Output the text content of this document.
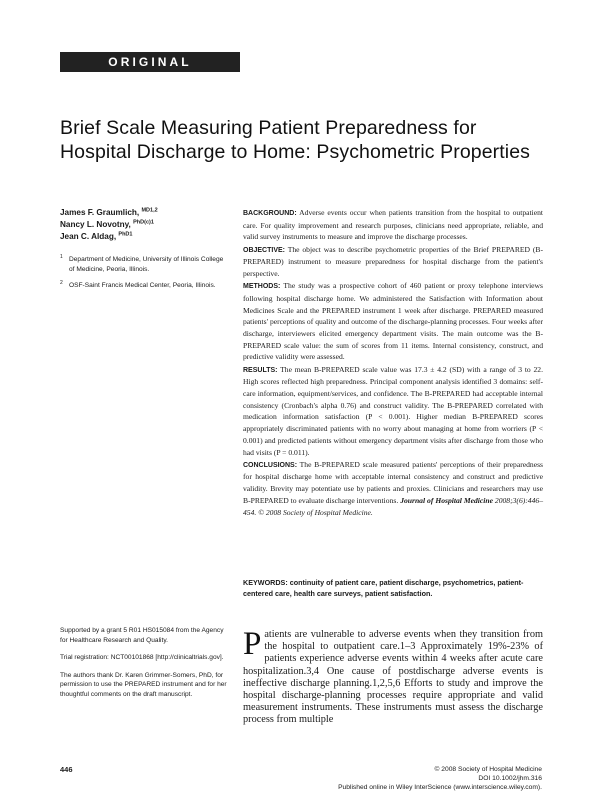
ORIGINAL RESEARCH
Brief Scale Measuring Patient Preparedness for
Hospital Discharge to Home: Psychometric Properties
James F. Graumlich, $^{MD1,2}$
Nancy L. Novotny, $^{PhD(c)1}$
Jean C. Aldag, $^{PhD1}$

1 Department of Medicine, University of Illinois College of Medicine, Peoria, Illinois.

2 OSF-Saint Francis Medical Center, Peoria, Illinois.

BACKGROUND: Adverse events occur when patients transition from the hospital to outpatient care. For quality improvement and research purposes, clinicians need appropriate, reliable, and valid survey instruments to measure and improve the discharge processes.

OBJECTIVE: The object was to describe psychometric properties of the Brief PREPARED (B-PREPARED) instrument to measure preparedness for hospital discharge from the patient's perspective.

METHODS: The study was a prospective cohort of 460 patient or proxy telephone interviews following hospital discharge home. We administered the Satisfaction with Information about Medicines Scale and the PREPARED instrument 1 week after discharge. PREPARED measured patients' perceptions of quality and outcome of the discharge-planning processes. Four weeks after discharge, interviewers elicited emergency department visits. The main outcome was the B-PREPARED scale value: the sum of scores from 11 items. Internal consistency, construct, and predictive validity were assessed.

RESULTS: The mean B-PREPARED scale value was 17.3 ± 4.2 (SD) with a range of 3 to 22. High scores reflected high preparedness. Principal component analysis identified 3 domains: self-care information, equipment/services, and confidence. The B-PREPARED had acceptable internal consistency (Cronbach's alpha 0.76) and construct validity. The B-PREPARED correlated with medication information satisfaction (P < 0.001). Higher median B-PREPARED scores appropriately discriminated patients with no worry about managing at home from worriers (P < 0.001) and predicted patients without emergency department visits after discharge from those who had visits (P = 0.011).

CONCLUSIONS: The B-PREPARED scale measured patients' perceptions of their preparedness for hospital discharge home with acceptable internal consistency and construct and predictive validity. Brevity may potentiate use by patients and proxies. Clinicians and researchers may use B-PREPARED to evaluate discharge interventions. Journal of Hospital Medicine 2008;3(6):446–454. © 2008 Society of Hospital Medicine.

KEYWORDS: continuity of patient care, patient discharge, psychometrics, patient-centered care, health care surveys, patient satisfaction.

Supported by a grant 5 R01 HS015084 from the Agency for Healthcare Research and Quality.

Trial registration: NCT00101868 [http://clinicaltrials.gov].

The authors thank Dr. Karen Grimmer-Somers, PhD, for permission to use the PREPARED instrument and for her thoughtful comments on the draft manuscript.

P atients are vulnerable to adverse events when they transition from the hospital to outpatient care.1–3 Approximately 19%-23% of patients experience adverse events within 4 weeks after acute care hospitalization.3,4 One cause of postdischarge adverse events is ineffective discharge planning.1,2,5,6 Efforts to study and improve the hospital discharge-planning processes require appropriate and valid measurement instruments. These instruments must assess the discharge process from multiple
446	© 2008 Society of Hospital Medicine
DOI 10.1002/jhm.316
Published online in Wiley InterScience (www.interscience.wiley.com).
